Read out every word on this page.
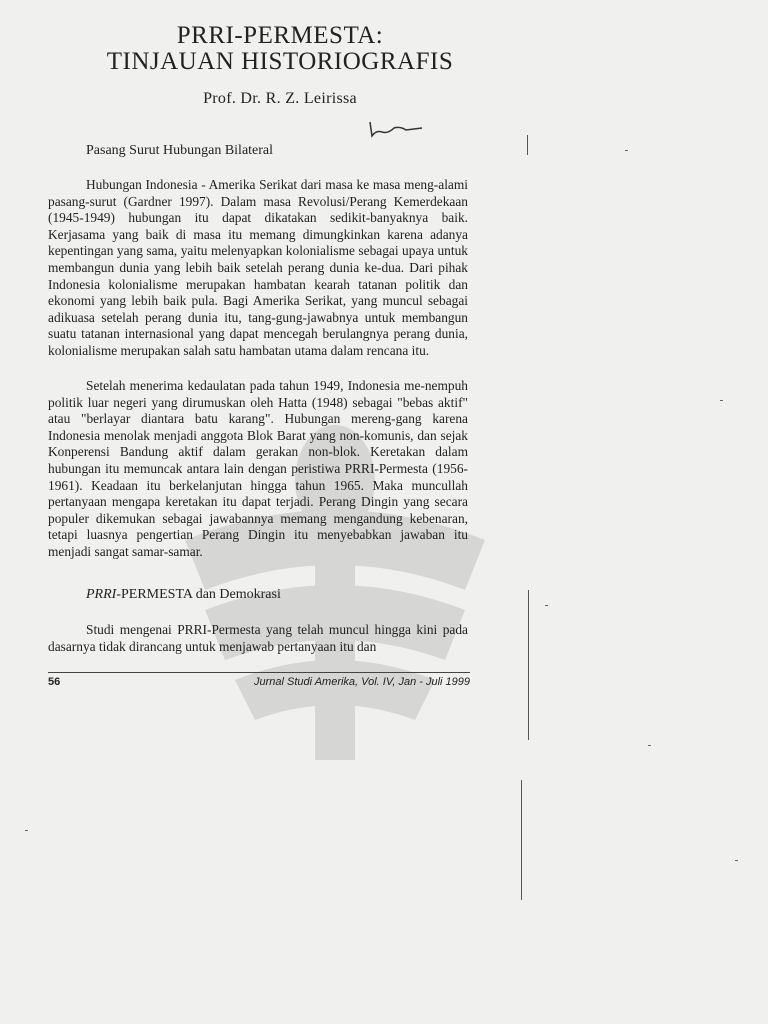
PRRI-PERMESTA:
TINJAUAN HISTORIOGRAFIS
Prof. Dr. R. Z. Leirissa
Pasang Surut Hubungan Bilateral

Hubungan Indonesia - Amerika Serikat dari masa ke masa meng-alami pasang-surut (Gardner 1997). Dalam masa Revolusi/Perang Kemerdekaan (1945-1949) hubungan itu dapat dikatakan sedikit-banyaknya baik. Kerjasama yang baik di masa itu memang dimungkinkan karena adanya kepentingan yang sama, yaitu melenyapkan kolonialisme sebagai upaya untuk membangun dunia yang lebih baik setelah perang dunia ke-dua. Dari pihak Indonesia kolonialisme merupakan hambatan kearah tatanan politik dan ekonomi yang lebih baik pula. Bagi Amerika Serikat, yang muncul sebagai adikuasa setelah perang dunia itu, tang-gung-jawabnya untuk membangun suatu tatanan internasional yang dapat mencegah berulangnya perang dunia, kolonialisme merupakan salah satu hambatan utama dalam rencana itu.

Setelah menerima kedaulatan pada tahun 1949, Indonesia me-nempuh politik luar negeri yang dirumuskan oleh Hatta (1948) sebagai "bebas aktif" atau "berlayar diantara batu karang". Hubungan mereng-gang karena Indonesia menolak menjadi anggota Blok Barat yang non-komunis, dan sejak Konperensi Bandung aktif dalam gerakan non-blok. Keretakan dalam hubungan itu memuncak antara lain dengan peristiwa PRRI-Permesta (1956-1961). Keadaan itu berkelanjutan hingga tahun 1965. Maka muncullah pertanyaan mengapa keretakan itu dapat terjadi. Perang Dingin yang secara populer dikemukan sebagai jawabannya memang mengandung kebenaran, tetapi luasnya pengertian Perang Dingin itu menyebabkan jawaban itu menjadi sangat samar-samar.

PRRI-PERMESTA dan Demokrasi

Studi mengenai PRRI-Permesta yang telah muncul hingga kini pada dasarnya tidak dirancang untuk menjawab pertanyaan itu dan

56	Jurnal Studi Amerika, Vol. IV, Jan - Juli 1999
